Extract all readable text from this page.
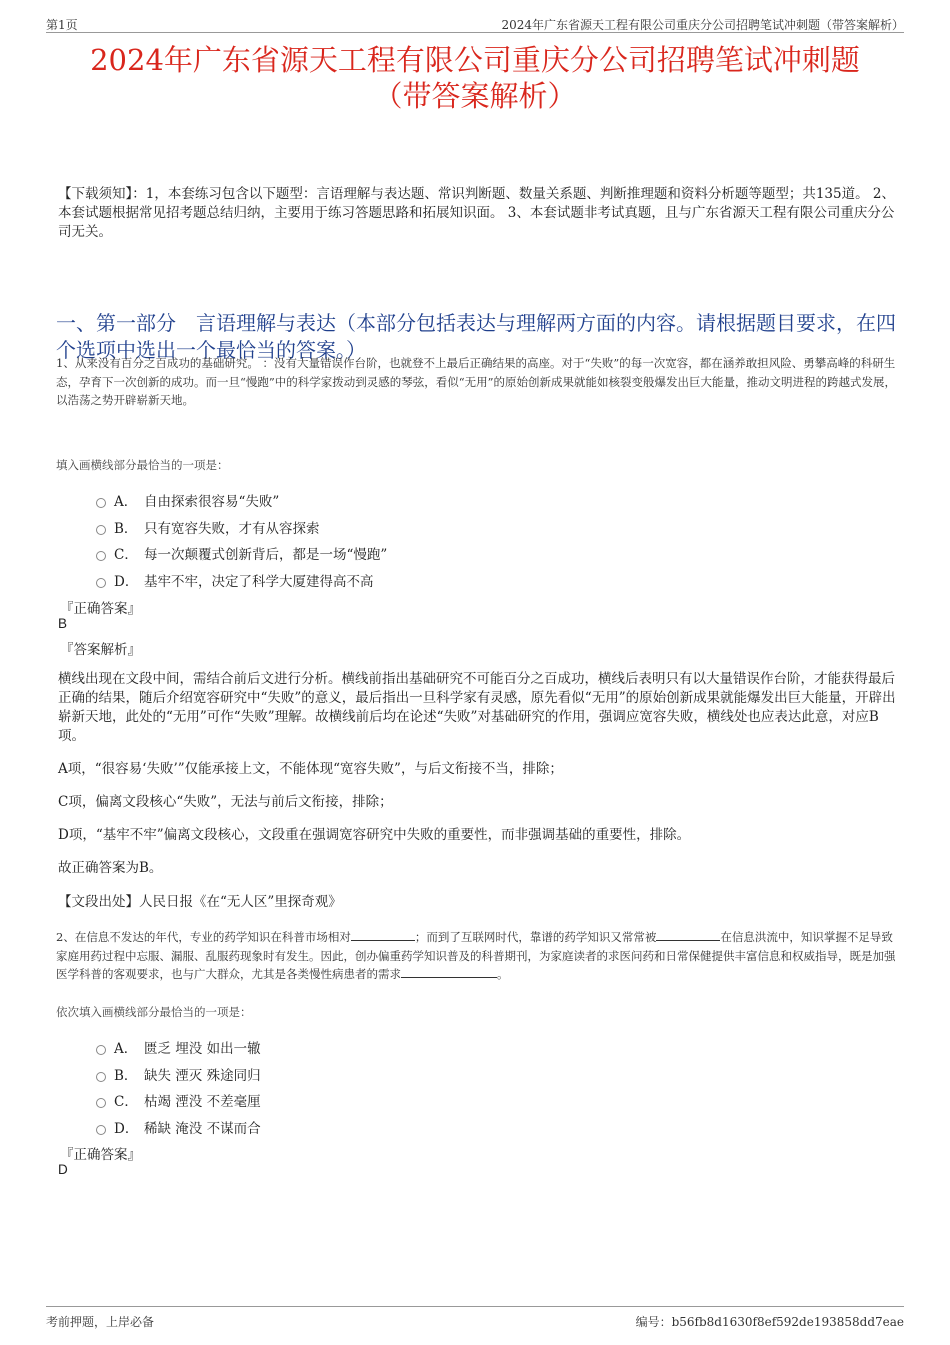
第1页	2024年广东省源天工程有限公司重庆分公司招聘笔试冲刺题（带答案解析）
2024年广东省源天工程有限公司重庆分公司招聘笔试冲刺题
（带答案解析）
【下载须知】：1，本套练习包含以下题型：言语理解与表达题、常识判断题、数量关系题、判断推理题和资料分析题等题型；共135道。 2、本套试题根据常见招考题总结归纳，主要用于练习答题思路和拓展知识面。 3、本套试题非考试真题，且与广东省源天工程有限公司重庆分公司无关。
一、第一部分　言语理解与表达（本部分包括表达与理解两方面的内容。请根据题目要求，在四个选项中选出一个最恰当的答案。）
1、从来没有百分之百成功的基础研究。 ：没有大量错误作台阶，也就登不上最后正确结果的高座。对于“失败”的每一次宽容，都在涵养敢担风险、勇攀高峰的科研生态，孕育下一次创新的成功。而一旦“慢跑”中的科学家拨动到灵感的琴弦，看似“无用”的原始创新成果就能如核裂变般爆发出巨大能量，推动文明进程的跨越式发展，以浩荡之势开辟崭新天地。
填入画横线部分最恰当的一项是：
A． 自由探索很容易“失败”
B． 只有宽容失败，才有从容探索
C． 每一次颠覆式创新背后，都是一场“慢跑”
D． 基牢不牢，决定了科学大厦建得高不高
『正确答案』
B
『答案解析』
横线出现在文段中间，需结合前后文进行分析。横线前指出基础研究不可能百分之百成功，横线后表明只有以大量错误作台阶，才能获得最后正确的结果，随后介绍宽容研究中“失败”的意义，最后指出一旦科学家有灵感，原先看似“无用”的原始创新成果就能爆发出巨大能量，开辟出崭新天地，此处的“无用”可作“失败”理解。故横线前后均在论述“失败”对基础研究的作用，强调应宽容失败，横线处也应表达此意，对应B项。
A项，“很容易‘失败’”仅能承接上文，不能体现“宽容失败”，与后文衔接不当，排除；
C项，偏离文段核心“失败”，无法与前后文衔接，排除；
D项，“基牢不牢”偏离文段核心，文段重在强调宽容研究中失败的重要性，而非强调基础的重要性，排除。
故正确答案为B。
【文段出处】人民日报《在“无人区”里探奇观》
2、在信息不发达的年代，专业的药学知识在科普市场相对	；而到了互联网时代，靠谱的药学知识又常常被	在信息洪流中，知识掌握不足导致家庭用药过程中忘服、漏服、乱服药现象时有发生。因此，创办偏重药学知识普及的科普期刊，为家庭读者的求医问药和日常保健提供丰富信息和权威指导，既是加强医学科普的客观要求，也与广大群众，尤其是各类慢性病患者的需求	。
依次填入画横线部分最恰当的一项是：
A． 匮乏 埋没 如出一辙
B． 缺失 湮灭 殊途同归
C． 枯竭 湮没 不差毫厘
D． 稀缺 淹没 不谋而合
『正确答案』
D
考前押题，上岸必备	编号：b56fb8d1630f8ef592de193858dd7eae
